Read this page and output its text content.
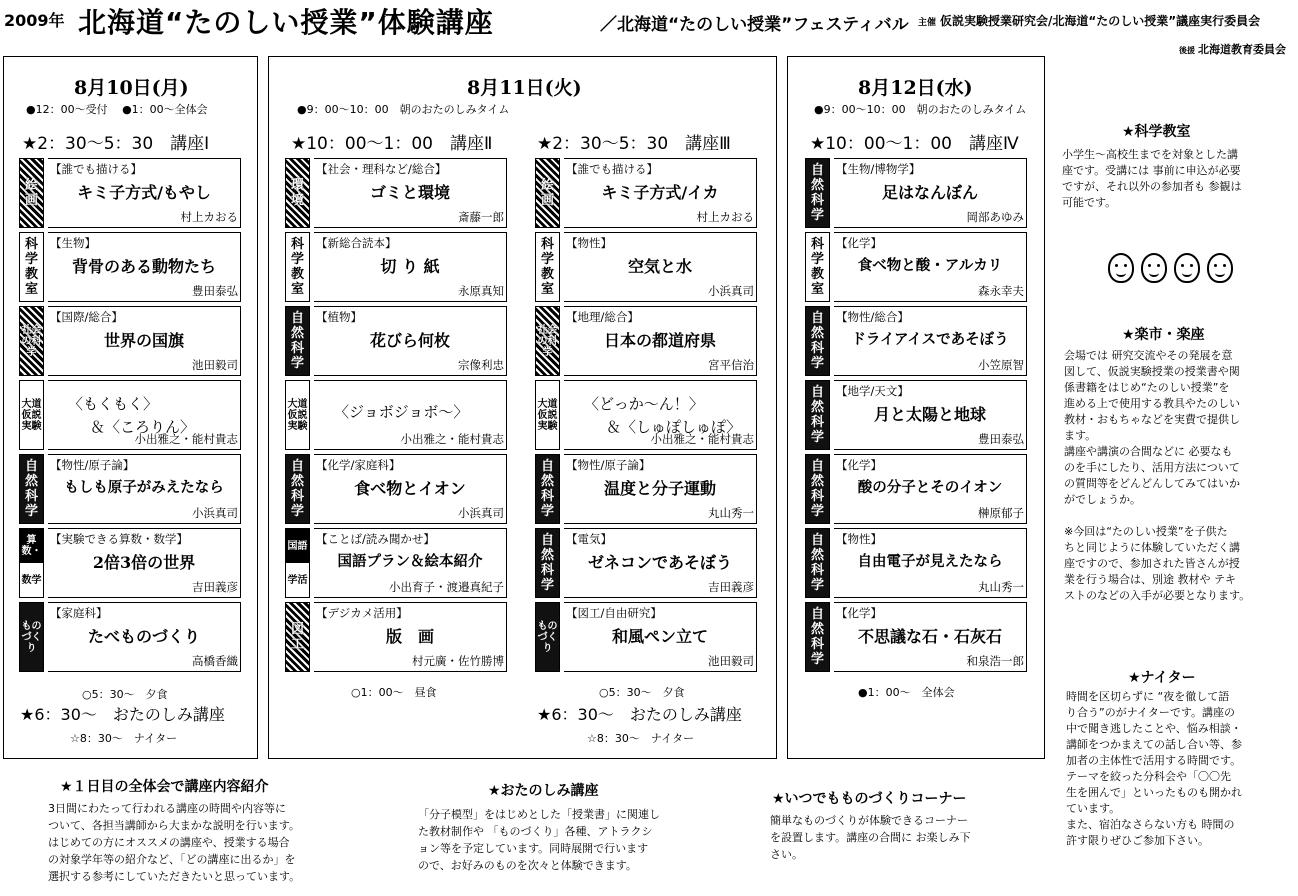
2009年 北海道“たのしい授業”体験講座	／北海道“たのしい授業”フェスティバル 主催 仮説実験授業研究会/北海道“たのしい授業”議座実行委員会
後援 北海道教育委員会
8月10日(月)
●12：00〜受付　 ●1：00〜全体会
★2：30〜5：30　講座Ⅰ
絵画
【誰でも描ける】
キミ子方式/もやし
村上カおる
科学教室
【生物】
背骨のある動物たち
豊田泰弘
社会の科学
【国際/総合】
世界の国旗
池田毅司
大道仮説実験
〈もくもく〉
＆〈ころりん〉
小出雅之・能村貴志
自然科学
【物性/原子論】
もしも原子がみえたなら
小浜真司
算数・
数学
【実験できる算数・数学】
2倍3倍の世界
吉田義彦
ものづくり
【家庭科】
たべものづくり
高橋香織
○5：30〜　夕食
★6：30〜　おたのしみ講座
☆8：30〜　ナイター
8月11日(火)
●9：00〜10：00　朝のおたのしみタイム
★10：00〜1：00　講座Ⅱ	★2：30〜5：30　講座Ⅲ
環境
【社会・理科など/総合】
ゴミと環境
斎藤一郎
科学教室
【新総合読本】
切 り 紙
永原真知
自然科学
【植物】
花びら何枚
宗像利忠
大道仮説実験
〈ジョボジョボ〜〉
小出雅之・能村貴志
自然科学
【化学/家庭科】
食べ物とイオン
小浜真司
国語
学活
【ことば/読み聞かせ】
国語プラン＆絵本紹介
小出育子・渡邉真紀子
図工
【デジカメ活用】
版　画
村元廣・佐竹勝博
絵画
【誰でも描ける】
キミ子方式/イカ
村上カおる
科学教室
【物性】
空気と水
小浜真司
社会の科学
【地理/総合】
日本の都道府県
宮平信治
大道仮説実験
〈どっか〜ん！〉
＆〈しゅぽしゅぽ〉
小出雅之・能村貴志
自然科学
【物性/原子論】
温度と分子運動
丸山秀一
自然科学
【電気】
ゼネコンであそぼう
吉田義彦
ものづくり
【図工/自由研究】
和風ペン立て
池田毅司
○1：00〜　昼食	○5：30〜　夕食
★6：30〜　おたのしみ講座
☆8：30〜　ナイター
8月12日(水)
●9：00〜10：00　朝のおたのしみタイム
★10：00〜1：00　講座Ⅳ
自然科学
【生物/博物学】
足はなんぼん
岡部あゆみ
科学教室
【化学】
食べ物と酸・アルカリ
森永幸夫
自然科学
【物性/総合】
ドライアイスであそぼう
小笠原智
自然科学
【地学/天文】
月と太陽と地球
豊田泰弘
自然科学
【化学】
酸の分子とそのイオン
榊原郁子
自然科学
【物性】
自由電子が見えたなら
丸山秀一
自然科学
【化学】
不思議な石・石灰石
和泉浩一郎
●1：00〜　全体会
★科学教室
小学生〜高校生までを対象とした講
座です。受講には 事前に申込が必要
ですが、それ以外の参加者も 参観は
可能です。
★楽市・楽座
会場では 研究交流やその発展を意
図して、仮説実験授業の授業書や関
係書籍をはじめ“たのしい授業”を
進める上で使用する教具やたのしい
教材・おもちゃなどを実費で提供し
ます。
講座や講演の合間などに 必要なも
のを手にしたり、活用方法について
の質問等をどんどんしてみてはいか
がでしょうか。
※今回は“たのしい授業”を子供た
ちと同じように体験していただく講
座ですので、参加された皆さんが授
業を行う場合は、別途 教材や テキ
ストのなどの入手が必要となります。
★ナイター
時間を区切らずに “夜を徹して語
り合う”のがナイターです。講座の
中で聞き逃したことや、悩み相談・
講師をつかまえての話し合い等、参
加者の主体性で活用する時間です。
テーマを絞った分科会や「〇〇先
生を囲んで」といったものも開かれ
ています。
また、宿泊なさらない方も 時間の
許す限りぜひご参加下さい。
★１日目の全体会で講座内容紹介
3日間にわたって行われる講座の時間や内容等に
ついて、各担当講師から大まかな説明を行います。
はじめての方にオススメの講座や、授業する場合
の対象学年等の紹介など、「どの講座に出るか」を
選択する参考にしていただきたいと思っています。
★おたのしみ講座
「分子模型」をはじめとした「授業書」に関連し
た教材制作や 「ものづくり」各種、アトラクシ
ョン等を予定しています。同時展開で行います
ので、お好みのものを次々と体験できます。
★いつでもものづくりコーナー
簡単なものづくりが体験できるコーナー
を設置します。講座の合間に お楽しみ下
さい。
